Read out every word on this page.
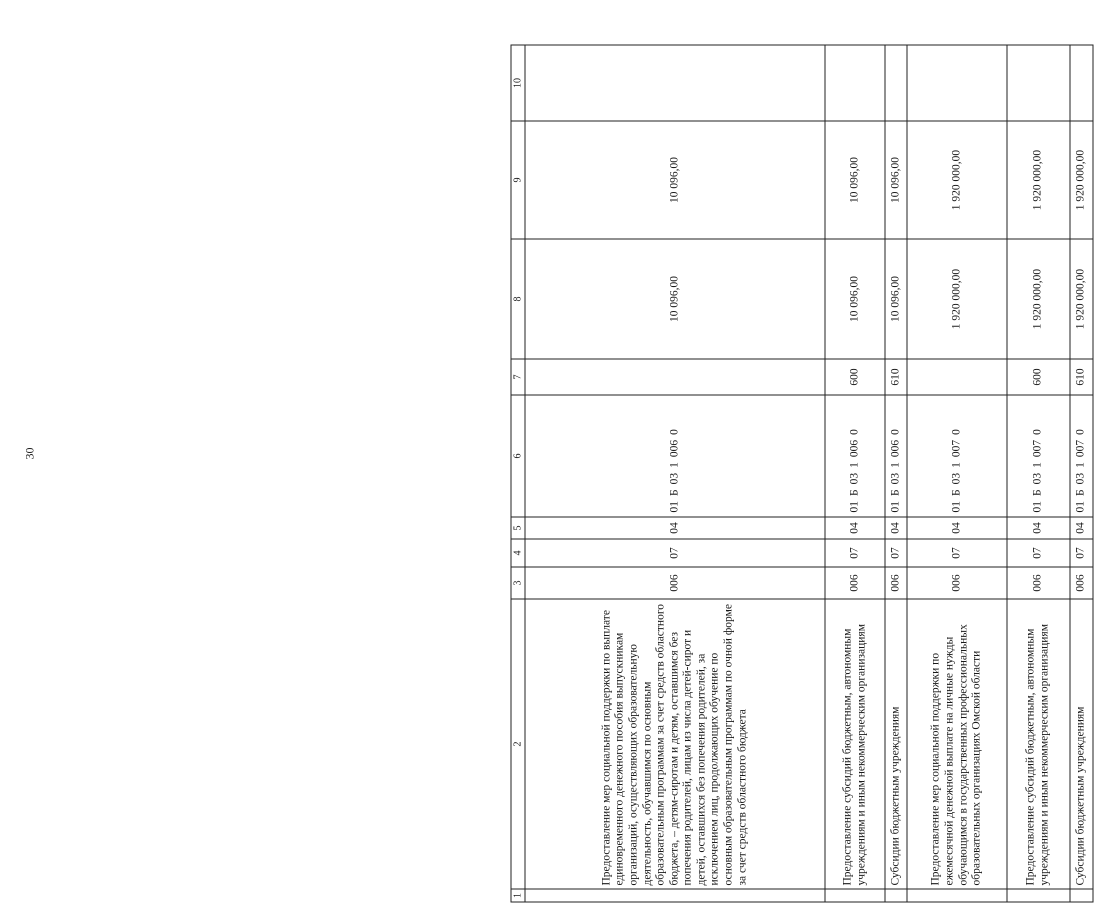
30
1	2	3	4	5	6	7	8	9	10
	Предоставление мер социальной поддержки по выплате единовременного денежного пособия выпускникам организаций, осуществляющих образовательную деятельность, обучавшимся по основным образовательным программам за счет средств областного бюджета, – детям-сиротам и детям, оставшимся без попечения родителей, лицам из числа детей-сирот и детей, оставшихся без попечения родителей, за исключением лиц, продолжающих обучение по основным образовательным программам по очной форме за счет средств областного бюджета	006	07	04	01Б0310060		10 096,00	10 096,00	
	Предоставление субсидий бюджетным, автономным учреждениям и иным некоммерческим организациям	006	07	04	01Б0310060	600	10 096,00	10 096,00	
	Субсидии бюджетным учреждениям	006	07	04	01Б0310060	610	10 096,00	10 096,00	
	Предоставление мер социальной поддержки по ежемесячной денежной выплате на личные нужды обучающимся в государственных профессиональных образовательных организациях Омской области	006	07	04	01Б0310070		1 920 000,00	1 920 000,00	
	Предоставление субсидий бюджетным, автономным учреждениям и иным некоммерческим организациям	006	07	04	01Б0310070	600	1 920 000,00	1 920 000,00	
	Субсидии бюджетным учреждениям	006	07	04	01Б0310070	610	1 920 000,00	1 920 000,00	
